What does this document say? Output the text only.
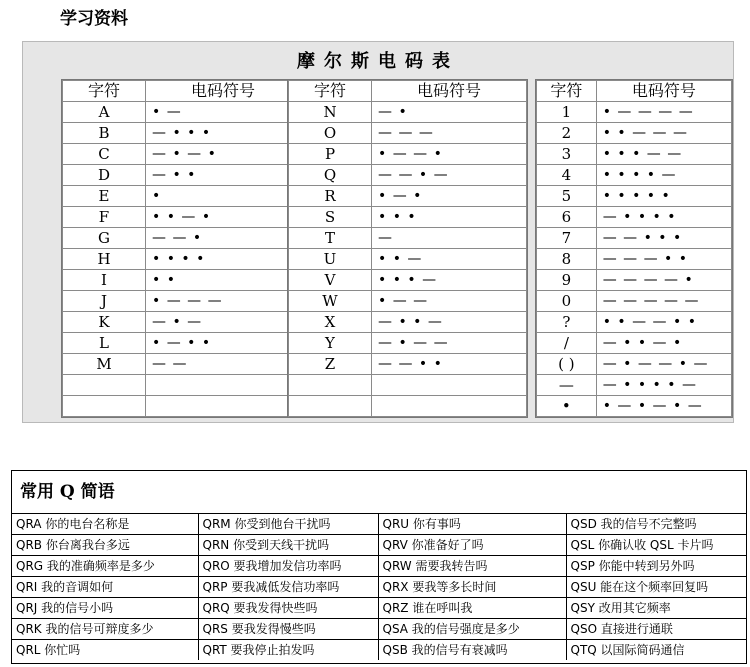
学习资料
摩尔斯电码表
字符	电码符号
A	• —
B	— • • •
C	— • — •
D	— • •
E	•
F	• • — •
G	— — •
H	• • • •
I	• •
J	• — — —
K	— • —
L	• — • •
M	— —

字符	电码符号
N	— •
O	— — —
P	• — — •
Q	— — • —
R	• — •
S	• • •
T	—
U	• • —
V	• • • —
W	• — —
X	— • • —
Y	— • — —
Z	— — • •

字符	电码符号
1	• — — — —
2	• • — — —
3	• • • — —
4	• • • • —
5	• • • • •
6	— • • • •
7	— — • • •
8	— — — • •
9	— — — — •
0	— — — — —
?	• • — — • •
/	— • • — •
( )	— • — — • —
—	— • • • • —
•	• — • — • —
常用 Q 简语
QRA 你的电台名称是	QRM 你受到他台干扰吗	QRU 你有事吗	QSD 我的信号不完整吗
QRB 你台离我台多远	QRN 你受到天线干扰吗	QRV 你准备好了吗	QSL 你确认收 QSL 卡片吗
QRG 我的准确频率是多少	QRO 要我增加发信功率吗	QRW 需要我转告吗	QSP 你能中转到另外吗
QRI 我的音调如何	QRP 要我减低发信功率吗	QRX 要我等多长时间	QSU 能在这个频率回复吗
QRJ 我的信号小吗	QRQ 要我发得快些吗	QRZ 谁在呼叫我	QSY 改用其它频率
QRK 我的信号可辩度多少	QRS 要我发得慢些吗	QSA 我的信号强度是多少	QSO 直接进行通联
QRL 你忙吗	QRT 要我停止拍发吗	QSB 我的信号有衰减吗	QTQ 以国际简码通信
